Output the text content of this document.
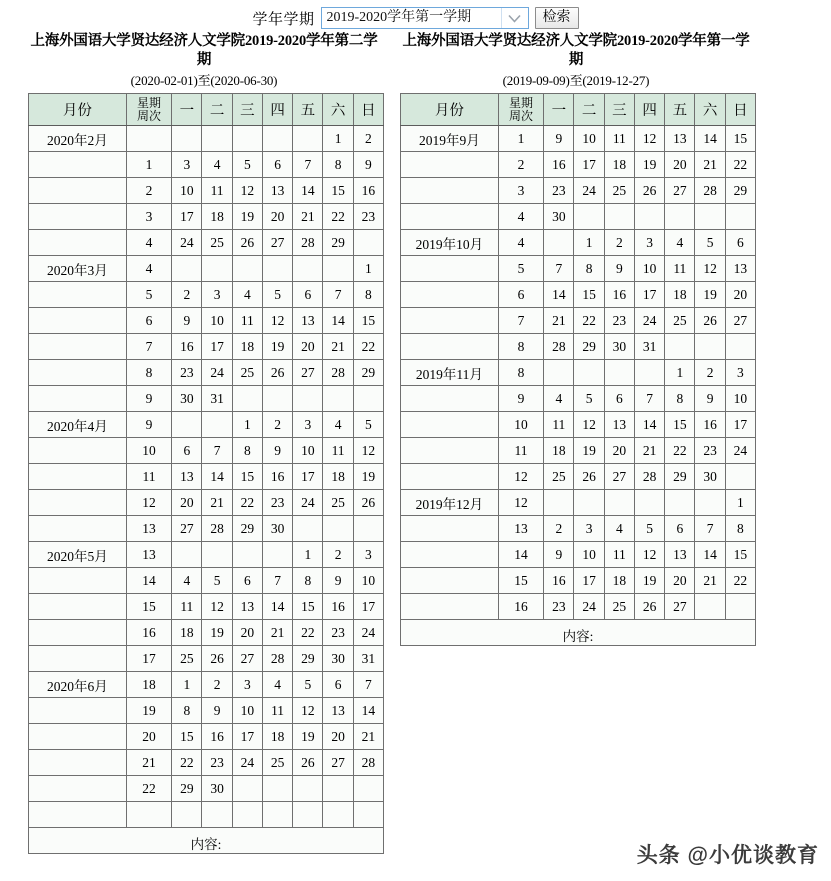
学年学期 2019-2020学年第一学期	检索
上海外国语大学贤达经济人文学院2019-2020学年第二学期
(2020-02-01)至(2020-06-30)
月份	星期
周次	一	二	三	四	五	六	日
2020年2月							1	2
	1	3	4	5	6	7	8	9
	2	10	11	12	13	14	15	16
	3	17	18	19	20	21	22	23
	4	24	25	26	27	28	29	
2020年3月	4							1
	5	2	3	4	5	6	7	8
	6	9	10	11	12	13	14	15
	7	16	17	18	19	20	21	22
	8	23	24	25	26	27	28	29
	9	30	31					
2020年4月	9			1	2	3	4	5
	10	6	7	8	9	10	11	12
	11	13	14	15	16	17	18	19
	12	20	21	22	23	24	25	26
	13	27	28	29	30			
2020年5月	13					1	2	3
	14	4	5	6	7	8	9	10
	15	11	12	13	14	15	16	17
	16	18	19	20	21	22	23	24
	17	25	26	27	28	29	30	31
2020年6月	18	1	2	3	4	5	6	7
	19	8	9	10	11	12	13	14
	20	15	16	17	18	19	20	21
	21	22	23	24	25	26	27	28
	22	29	30					

内容:								
上海外国语大学贤达经济人文学院2019-2020学年第一学期
(2019-09-09)至(2019-12-27)
月份	星期
周次	一	二	三	四	五	六	日
2019年9月	1	9	10	11	12	13	14	15
	2	16	17	18	19	20	21	22
	3	23	24	25	26	27	28	29
	4	30						
2019年10月	4		1	2	3	4	5	6
	5	7	8	9	10	11	12	13
	6	14	15	16	17	18	19	20
	7	21	22	23	24	25	26	27
	8	28	29	30	31			
2019年11月	8					1	2	3
	9	4	5	6	7	8	9	10
	10	11	12	13	14	15	16	17
	11	18	19	20	21	22	23	24
	12	25	26	27	28	29	30	
2019年12月	12							1
	13	2	3	4	5	6	7	8
	14	9	10	11	12	13	14	15
	15	16	17	18	19	20	21	22
	16	23	24	25	26	27		
内容:								
头条 @小优谈教育
